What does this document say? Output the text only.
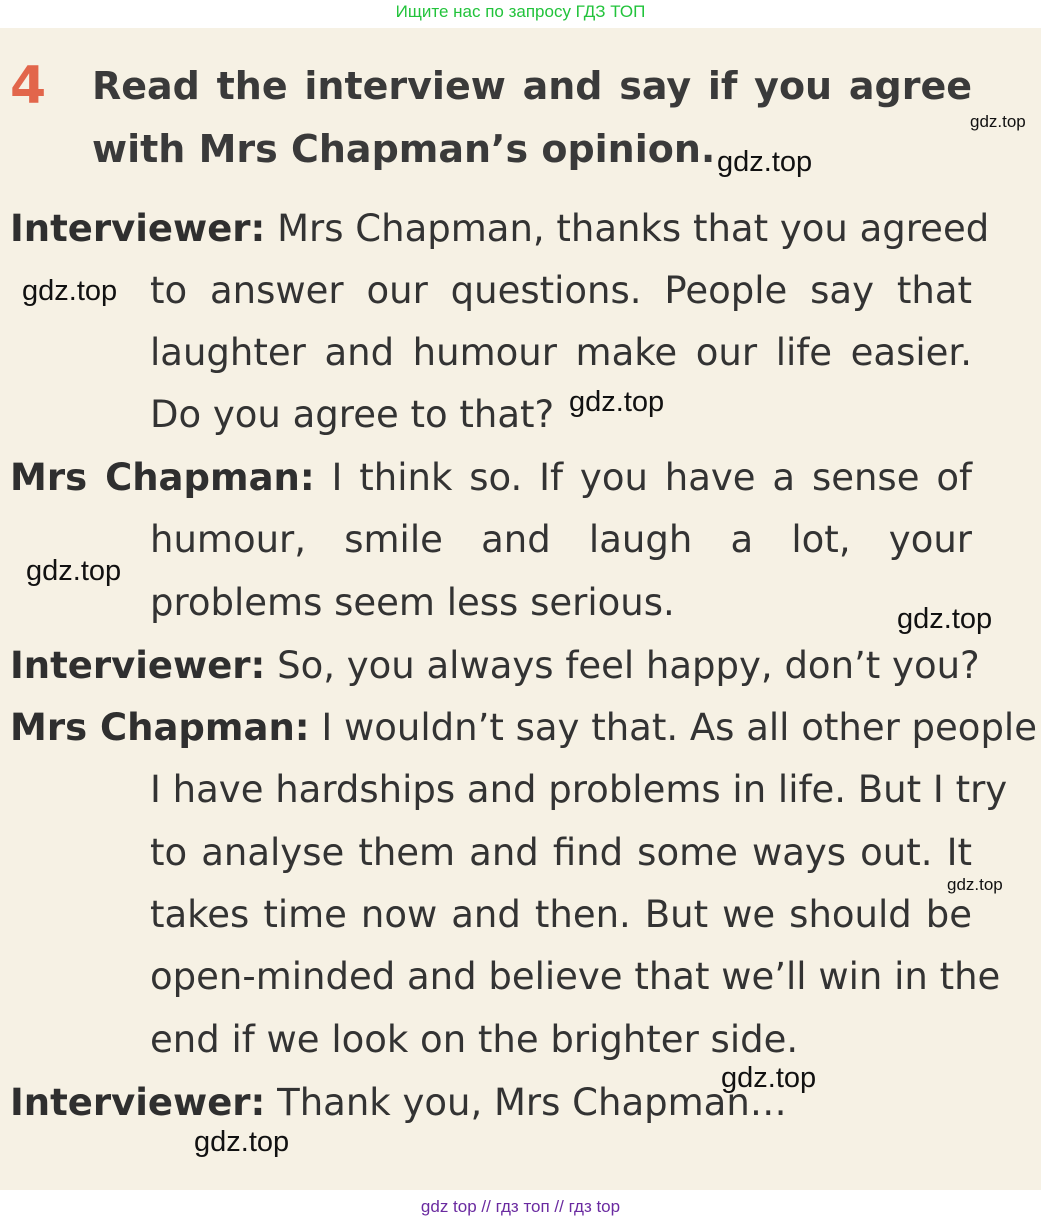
Ищите нас по запросу ГДЗ ТОП
4 Read the interview and say if you agree
with Mrs Chapman’s opinion.
Interviewer: Mrs Chapman, thanks that you agreed
to answer our questions. People say that
laughter and humour make our life easier.
Do you agree to that?
Mrs Chapman: I think so. If you have a sense of
humour, smile and laugh a lot, your
problems seem less serious.
Interviewer: So, you always feel happy, don’t you?
Mrs Chapman: I wouldn’t say that. As all other people
I have hardships and problems in life. But I try
to analyse them and find some ways out. It
takes time now and then. But we should be
open-minded and believe that we’ll win in the
end if we look on the brighter side.
Interviewer: Thank you, Mrs Chapman…
gdz.top
gdz.top
gdz.top
gdz.top
gdz.top
gdz.top
gdz.top
gdz.top
gdz.top
gdz top // гдз топ // гдз top
